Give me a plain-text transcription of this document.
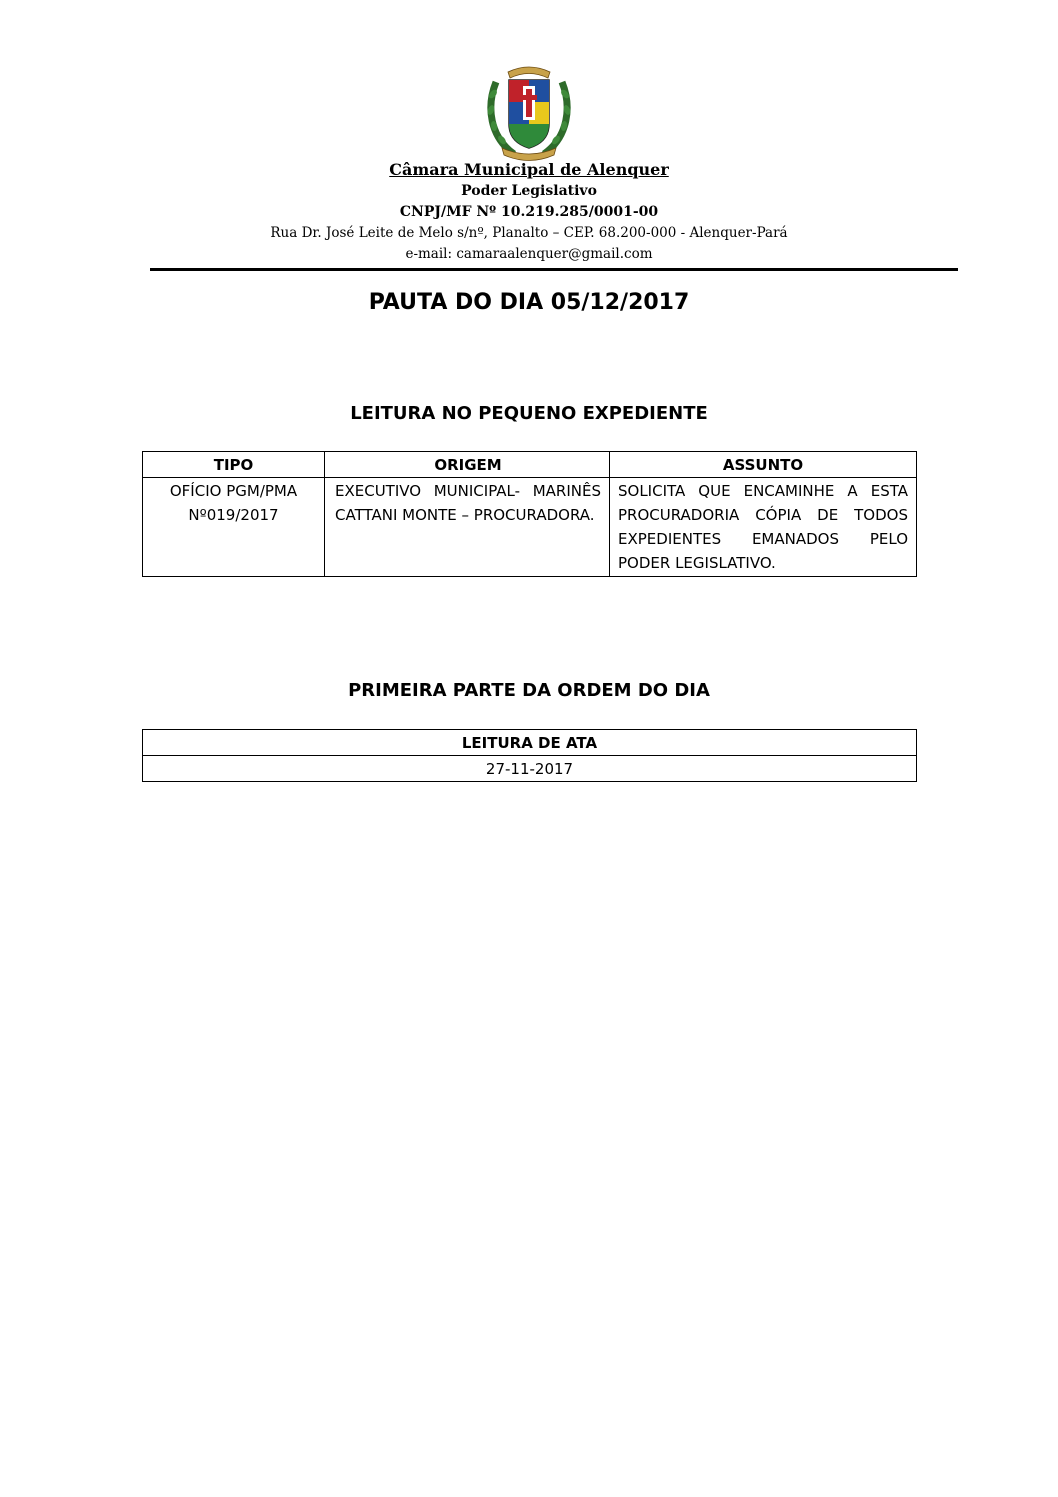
Câmara Municipal de Alenquer
Poder Legislativo
CNPJ/MF Nº 10.219.285/0001-00
Rua Dr. José Leite de Melo s/nº, Planalto – CEP. 68.200-000 - Alenquer-Pará
e-mail: camaraalenquer@gmail.com
PAUTA DO DIA 05/12/2017
LEITURA NO PEQUENO EXPEDIENTE
TIPO	ORIGEM	ASSUNTO

OFÍCIO PGM/PMA
Nº019/2017	EXECUTIVO MUNICIPAL- MARINÊS CATTANI MONTE – PROCURADORA.	SOLICITA QUE ENCAMINHE A ESTA PROCURADORIA CÓPIA DE TODOS EXPEDIENTES EMANADOS PELO PODER LEGISLATIVO.
PRIMEIRA PARTE DA ORDEM DO DIA
LEITURA DE ATA
27-11-2017
